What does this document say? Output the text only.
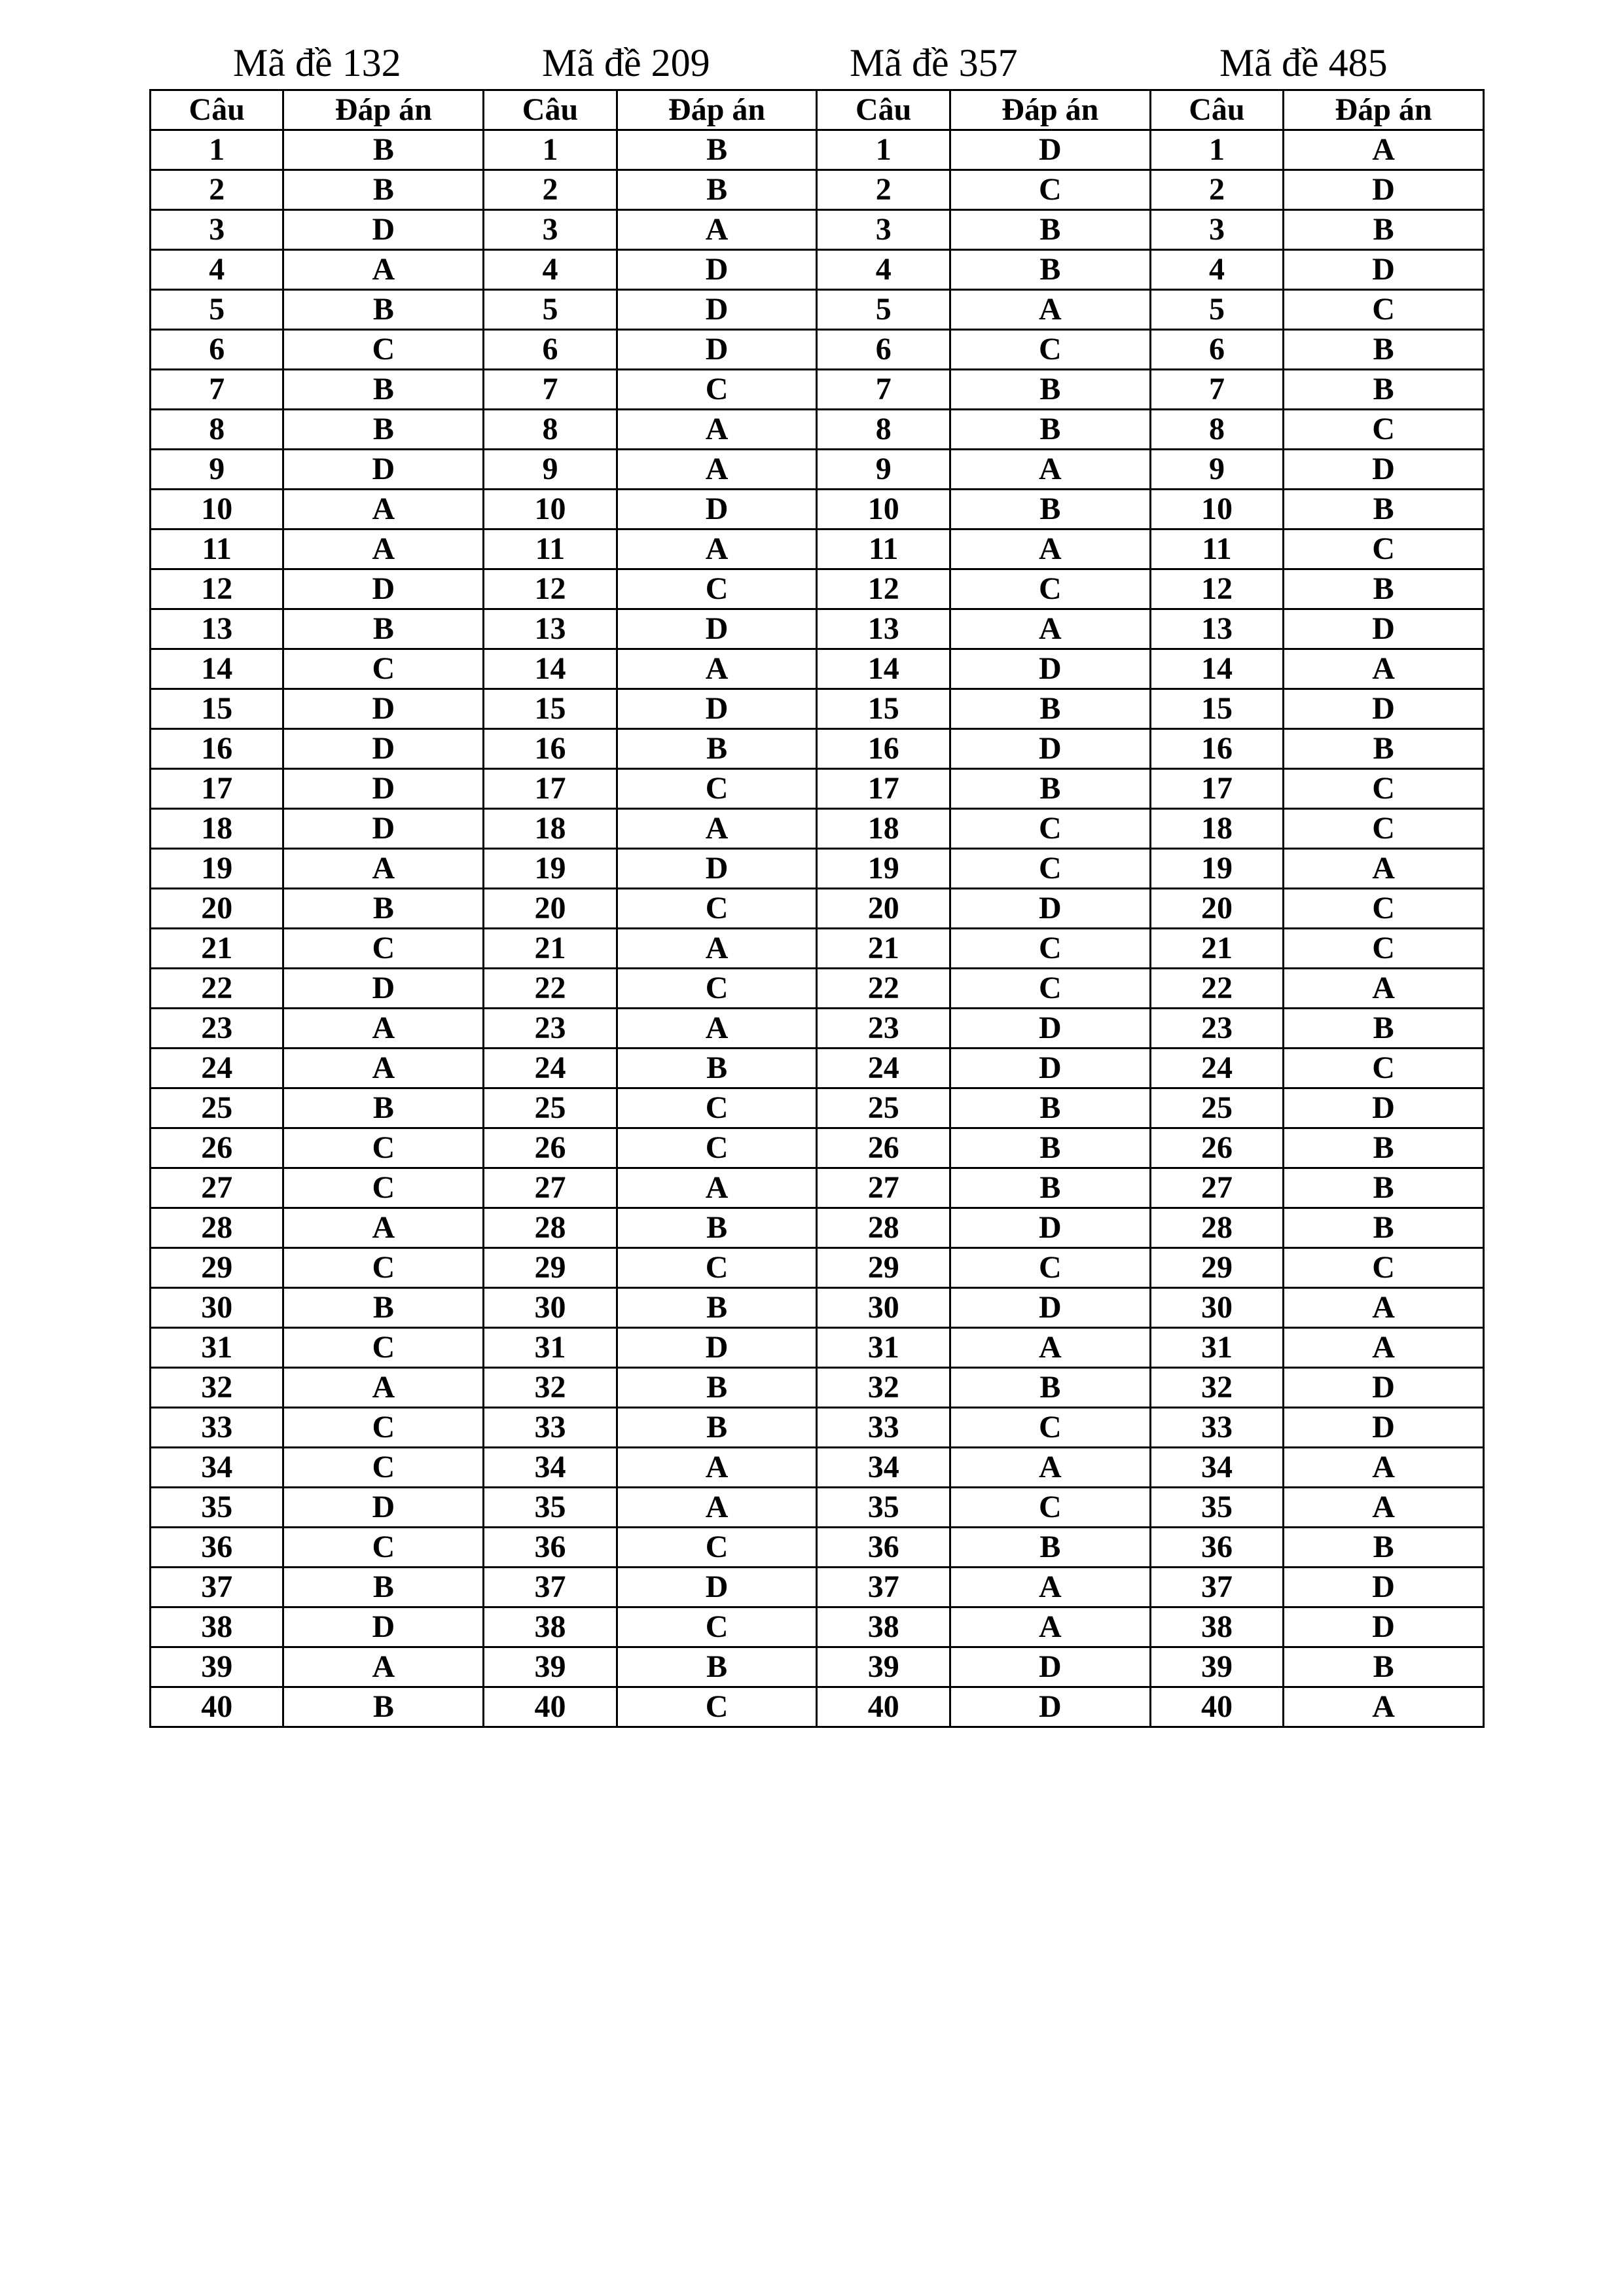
Mã đề 132	Mã đề 209	Mã đề 357	Mã đề 485
Câu	Đáp án	Câu	Đáp án	Câu	Đáp án	Câu	Đáp án
1	B	1	B	1	D	1	A
2	B	2	B	2	C	2	D
3	D	3	A	3	B	3	B
4	A	4	D	4	B	4	D
5	B	5	D	5	A	5	C
6	C	6	D	6	C	6	B
7	B	7	C	7	B	7	B
8	B	8	A	8	B	8	C
9	D	9	A	9	A	9	D
10	A	10	D	10	B	10	B
11	A	11	A	11	A	11	C
12	D	12	C	12	C	12	B
13	B	13	D	13	A	13	D
14	C	14	A	14	D	14	A
15	D	15	D	15	B	15	D
16	D	16	B	16	D	16	B
17	D	17	C	17	B	17	C
18	D	18	A	18	C	18	C
19	A	19	D	19	C	19	A
20	B	20	C	20	D	20	C
21	C	21	A	21	C	21	C
22	D	22	C	22	C	22	A
23	A	23	A	23	D	23	B
24	A	24	B	24	D	24	C
25	B	25	C	25	B	25	D
26	C	26	C	26	B	26	B
27	C	27	A	27	B	27	B
28	A	28	B	28	D	28	B
29	C	29	C	29	C	29	C
30	B	30	B	30	D	30	A
31	C	31	D	31	A	31	A
32	A	32	B	32	B	32	D
33	C	33	B	33	C	33	D
34	C	34	A	34	A	34	A
35	D	35	A	35	C	35	A
36	C	36	C	36	B	36	B
37	B	37	D	37	A	37	D
38	D	38	C	38	A	38	D
39	A	39	B	39	D	39	B
40	B	40	C	40	D	40	A
